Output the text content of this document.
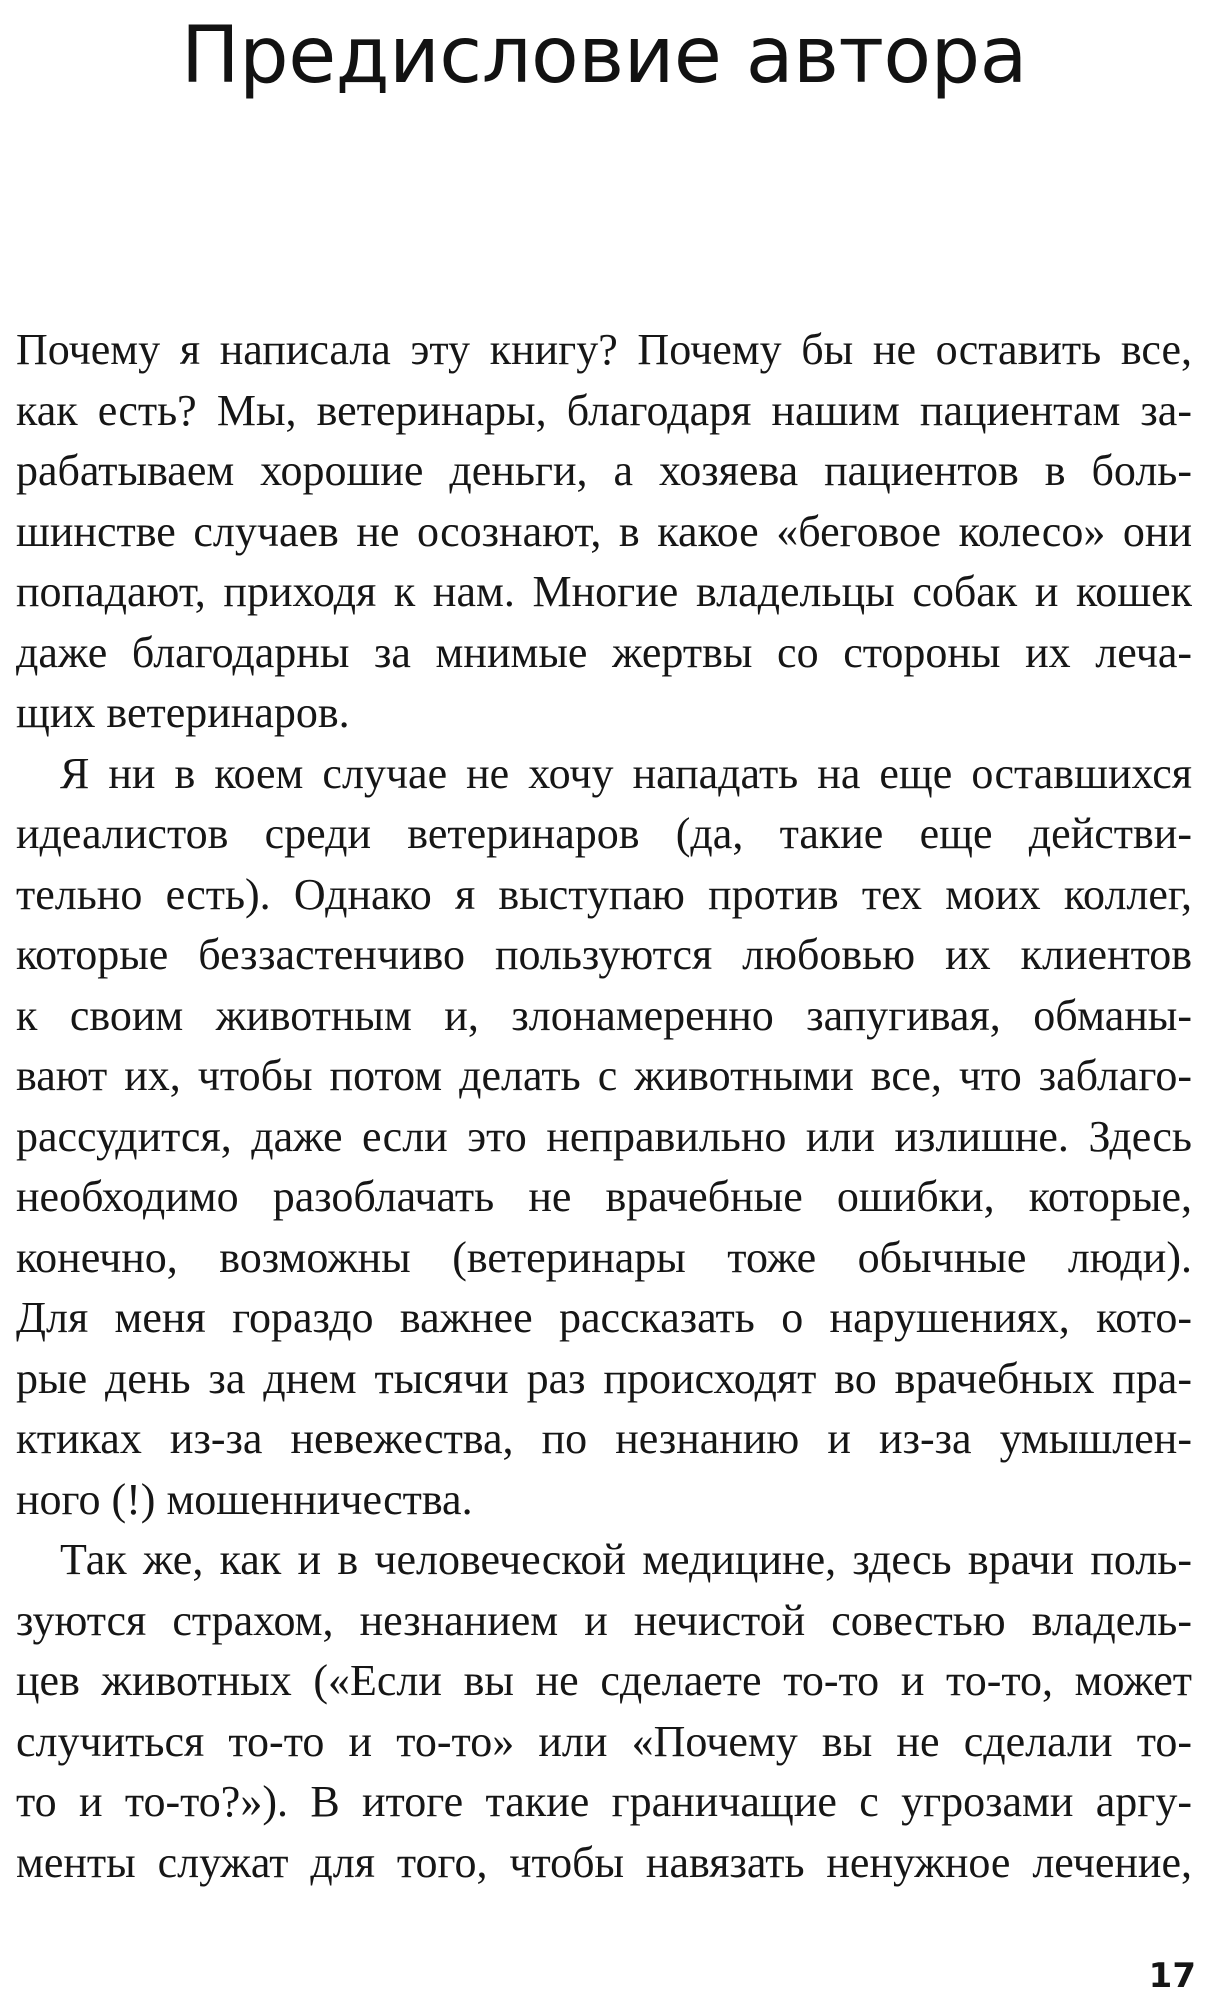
Предисловие автора
Почему я написала эту книгу? Почему бы не оставить все,
как есть? Мы, ветеринары, благодаря нашим пациентам за-
рабатываем хорошие деньги, а хозяева пациентов в боль-
шинстве случаев не осознают, в какое «беговое колесо» они
попадают, приходя к нам. Многие владельцы собак и кошек
даже благодарны за мнимые жертвы со стороны их леча-
щих ветеринаров.
Я ни в коем случае не хочу нападать на еще оставшихся
идеалистов среди ветеринаров (да, такие еще действи-
тельно есть). Однако я выступаю против тех моих коллег,
которые беззастенчиво пользуются любовью их клиентов
к своим животным и, злонамеренно запугивая, обманы-
вают их, чтобы потом делать с животными все, что заблаго-
рассудится, даже если это неправильно или излишне. Здесь
необходимо разоблачать не врачебные ошибки, которые,
конечно, возможны (ветеринары тоже обычные люди).
Для меня гораздо важнее рассказать о нарушениях, кото-
рые день за днем тысячи раз происходят во врачебных пра-
ктиках из-за невежества, по незнанию и из-за умышлен-
ного (!) мошенничества.
Так же, как и в человеческой медицине, здесь врачи поль-
зуются страхом, незнанием и нечистой совестью владель-
цев животных («Если вы не сделаете то-то и то-то, может
случиться то-то и то-то» или «Почему вы не сделали то-
то и то-то?»). В итоге такие граничащие с угрозами аргу-
менты служат для того, чтобы навязать ненужное лечение,
17
